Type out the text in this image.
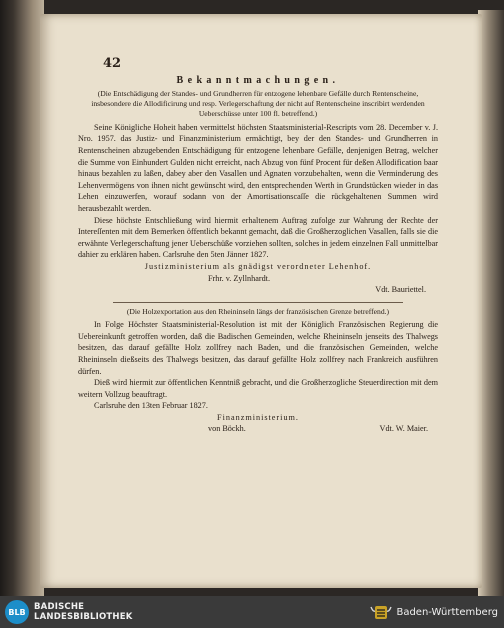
42
Bekanntmachungen.
(Die Entschädigung der Standes- und Grundherren für entzogene lehenbare Gefälle durch Rentenscheine, insbesondere die Allodificirung und resp. Verlegerschaftung der nicht auf Rentenscheine inscribirt werdenden Ueberschüsse unter 100 fl. betreffend.)

Seine Königliche Hoheit haben vermittelst höchsten Staatsministerial-Rescripts vom 28. December v. J. Nro. 1957. das Justiz- und Finanzministerium ermächtigt, bey der den Standes- und Grundherren in Rentenscheinen abzugebenden Entschädigung für entzogene lehenbare Gefälle, denjenigen Betrag, welcher die Summe von Einhundert Gulden nicht erreicht, nach Abzug von fünf Procent für deßen Allodification baar hinaus bezahlen zu laßen, dabey aber den Vasallen und Agnaten vorzubehalten, wenn die Verminderung des Lehenvermögens von ihnen nicht gewünscht wird, den entsprechenden Werth in Grundstücken wieder in das Lehen einzuwerfen, worauf sodann von der Amortisationscaſſe die rückgehaltenen Summen wird herausbezahlt werden.

Diese höchste Entschließung wird hiermit erhaltenem Auftrag zufolge zur Wahrung der Rechte der Intereſſenten mit dem Bemerken öffentlich bekannt gemacht, daß die Großherzoglichen Vasallen, falls sie die erwähnte Verlegerschaftung jener Ueberschüße vorziehen sollten, solches in jedem einzelnen Fall unmittelbar dahier zu erklären haben. Carlsruhe den 5ten Jänner 1827.

Justizministerium als gnädigst verordneter Lehenhof.
Frhr. v. Zyllnhardt.
Vdt. Bauriettel.
(Die Holzexportation aus den Rheininseln längs der französischen Grenze betreffend.)

In Folge Höchster Staatsministerial-Resolution ist mit der Königlich Französischen Regierung die Uebereinkunft getroffen worden, daß die Badischen Gemeinden, welche Rheininseln jenseits des Thalwegs besitzen, das darauf gefällte Holz zollfrey nach Baden, und die französischen Gemeinden, welche Rheininseln dießseits des Thalwegs besitzen, das darauf gefällte Holz zollfrey nach Frankreich ausführen dürfen.

Dieß wird hiermit zur öffentlichen Kenntniß gebracht, und die Großherzogliche Steuerdirection mit dem weitern Vollzug beauftragt.

Carlsruhe den 13ten Februar 1827.

Finanzministerium.
von Böckh.	Vdt. W. Maier.
BLB BADISCHE
LANDESBIBLIOTHEK	Baden-Württemberg
